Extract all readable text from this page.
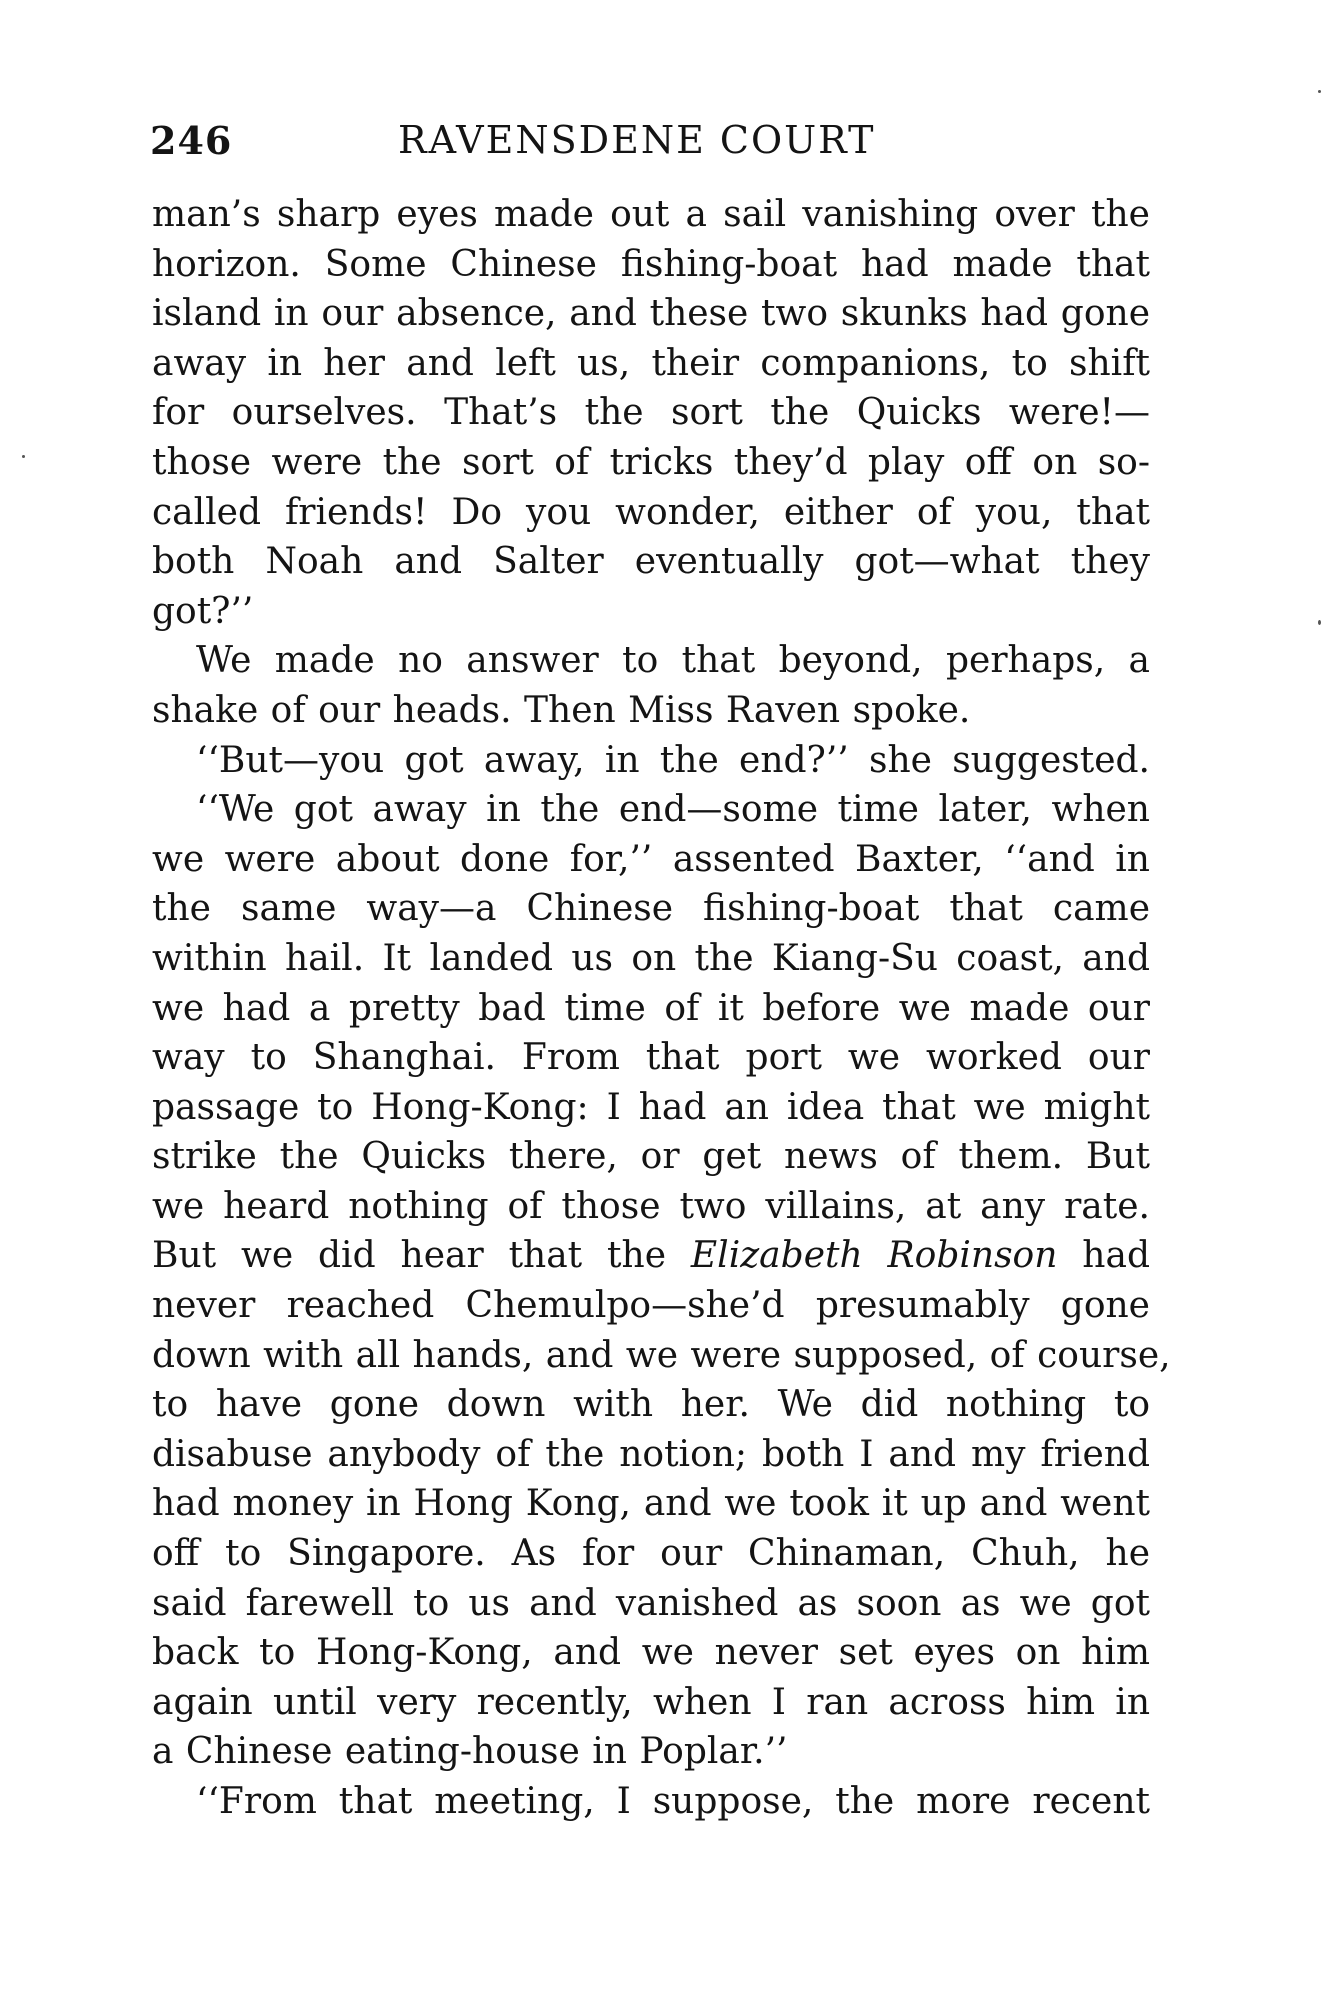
246	RAVENSDENE COURT
man’s sharp eyes made out a sail vanishing over the
horizon. Some Chinese fishing-boat had made that
island in our absence, and these two skunks had gone
away in her and left us, their companions, to shift
for ourselves. That’s the sort the Quicks were!—
those were the sort of tricks they’d play off on so-
called friends! Do you wonder, either of you, that
both Noah and Salter eventually got—what they
got?’’
We made no answer to that beyond, perhaps, a
shake of our heads. Then Miss Raven spoke.
‘‘But—you got away, in the end?’’ she suggested.
‘‘We got away in the end—some time later, when
we were about done for,’’ assented Baxter, ‘‘and in
the same way—a Chinese fishing-boat that came
within hail. It landed us on the Kiang-Su coast, and
we had a pretty bad time of it before we made our
way to Shanghai. From that port we worked our
passage to Hong-Kong: I had an idea that we might
strike the Quicks there, or get news of them. But
we heard nothing of those two villains, at any rate.
But we did hear that the Elizabeth Robinson had
never reached Chemulpo—she’d presumably gone
down with all hands, and we were supposed, of course,
to have gone down with her. We did nothing to
disabuse anybody of the notion; both I and my friend
had money in Hong Kong, and we took it up and went
off to Singapore. As for our Chinaman, Chuh, he
said farewell to us and vanished as soon as we got
back to Hong-Kong, and we never set eyes on him
again until very recently, when I ran across him in
a Chinese eating-house in Poplar.’’
‘‘From that meeting, I suppose, the more recent
